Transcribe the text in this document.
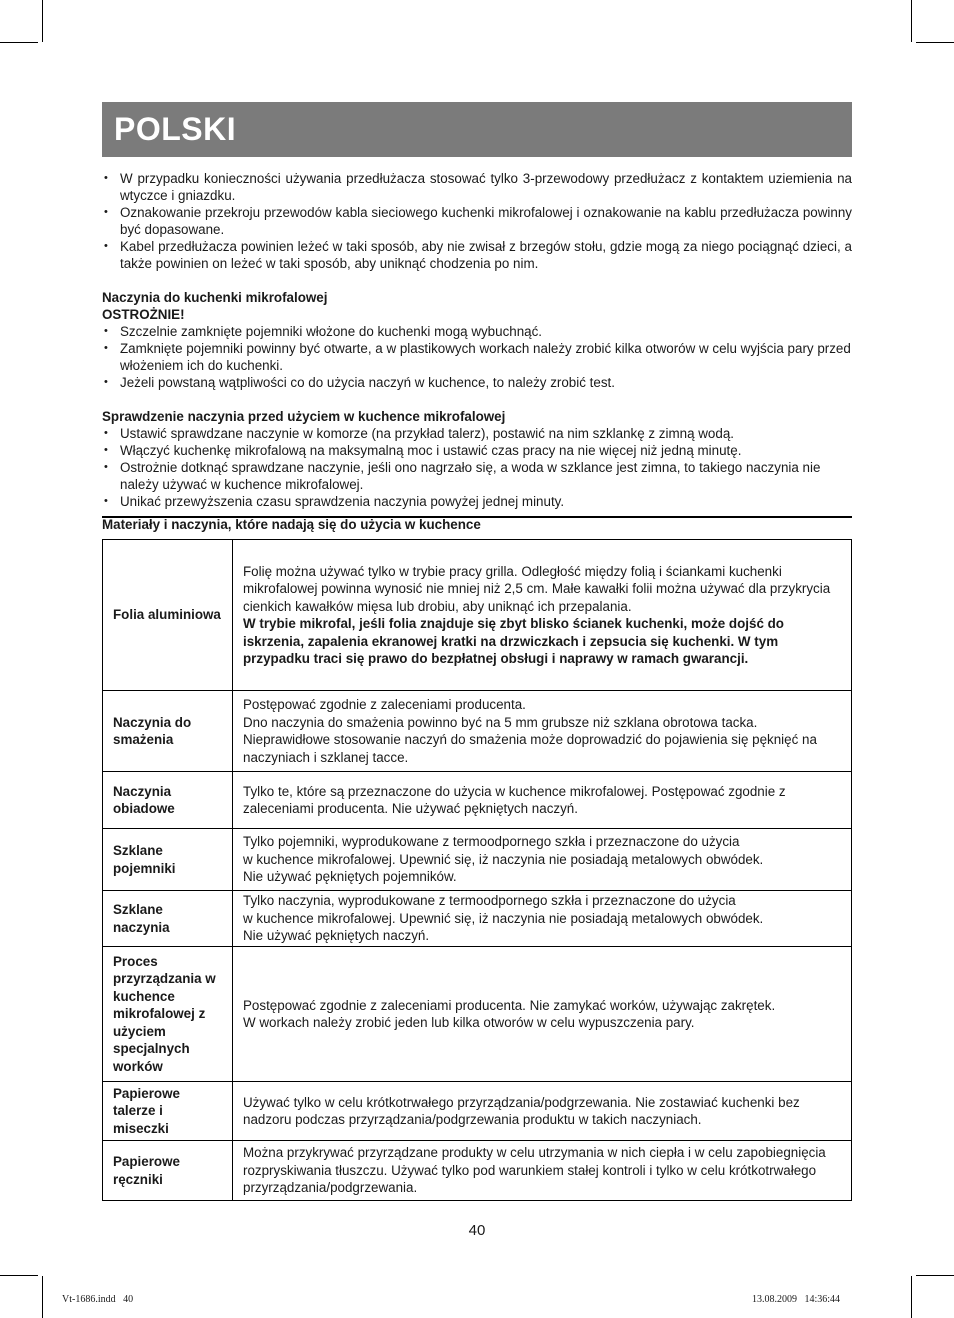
POLSKI
• W przypadku konieczności używania przedłużacza stosować tylko 3-przewodowy przedłużacz z kontaktem uziemienia na wtyczce i gniazdku.
• Oznakowanie przekroju przewodów kabla sieciowego kuchenki mikrofalowej i oznakowanie na kablu przedłużacza powinny być dopasowane.
• Kabel przedłużacza powinien leżeć w taki sposób, aby nie zwisał z brzegów stołu, gdzie mogą za niego pociągnąć dzieci, a także powinien on leżeć w taki sposób, aby uniknąć chodzenia po nim.
Naczynia do kuchenki mikrofalowej
OSTROŻNIE!
• Szczelnie zamknięte pojemniki włożone do kuchenki mogą wybuchnąć.
• Zamknięte pojemniki powinny być otwarte, a w plastikowych workach należy zrobić kilka otworów w celu wyjścia pary przed włożeniem ich do kuchenki.
• Jeżeli powstaną wątpliwości co do użycia naczyń w kuchence, to należy zrobić test.
Sprawdzenie naczynia przed użyciem w kuchence mikrofalowej
• Ustawić sprawdzane naczynie w komorze (na przykład talerz), postawić na nim szklankę z zimną wodą.
• Włączyć kuchenkę mikrofalową na maksymalną moc i ustawić czas pracy na nie więcej niż jedną minutę.
• Ostrożnie dotknąć sprawdzane naczynie, jeśli ono nagrzało się, a woda w szklance jest zimna, to takiego naczynia nie należy używać w kuchence mikrofalowej.
• Unikać przewyższenia czasu sprawdzenia naczynia powyżej jednej minuty.
Materiały i naczynia, które nadają się do użycia w kuchence
Folia aluminiowa	Folię można używać tylko w trybie pracy grilla. Odległość między folią i ściankami kuchenki mikrofalowej powinna wynosić nie mniej niż 2,5 cm. Małe kawałki folii można używać dla przykrycia cienkich kawałków mięsa lub drobiu, aby uniknąć ich przepalania.
W trybie mikrofal, jeśli folia znajduje się zbyt blisko ścianek kuchenki, może dojść do iskrzenia, zapalenia ekranowej kratki na drzwiczkach i zepsucia się kuchenki. W tym przypadku traci się prawo do bezpłatnej obsługi i naprawy w ramach gwarancji.
Naczynia do smażenia	Postępować zgodnie z zaleceniami producenta.
Dno naczynia do smażenia powinno być na 5 mm grubsze niż szklana obrotowa tacka. Nieprawidłowe stosowanie naczyń do smażenia może doprowadzić do pojawienia się pęknięć na naczyniach i szklanej tacce.
Naczynia obiadowe	Tylko te, które są przeznaczone do użycia w kuchence mikrofalowej. Postępować zgodnie z zaleceniami producenta. Nie używać pękniętych naczyń.
Szklane pojemniki	Tylko pojemniki, wyprodukowane z termoodpornego szkła i przeznaczone do użycia
w kuchence mikrofalowej. Upewnić się, iż naczynia nie posiadają metalowych obwódek.
Nie używać pękniętych pojemników.
Szklane naczynia	Tylko naczynia, wyprodukowane z termoodpornego szkła i przeznaczone do użycia
w kuchence mikrofalowej. Upewnić się, iż naczynia nie posiadają metalowych obwódek.
Nie używać pękniętych naczyń.
Proces przyrządzania w kuchence mikrofalowej z użyciem specjalnych worków	Postępować zgodnie z zaleceniami producenta. Nie zamykać worków, używając zakrętek.
W workach należy zrobić jeden lub kilka otworów w celu wypuszczenia pary.
Papierowe talerze i miseczki	Używać tylko w celu krótkotrwałego przyrządzania/podgrzewania. Nie zostawiać kuchenki bez nadzoru podczas przyrządzania/podgrzewania produktu w takich naczyniach.
Papierowe ręczniki	Można przykrywać przyrządzane produkty w celu utrzymania w nich ciepła i w celu zapobiegnięcia rozpryskiwania tłuszczu. Używać tylko pod warunkiem stałej kontroli i tylko w celu krótkotrwałego przyrządzania/podgrzewania.
40
Vt-1686.indd   40	13.08.2009   14:36:44
